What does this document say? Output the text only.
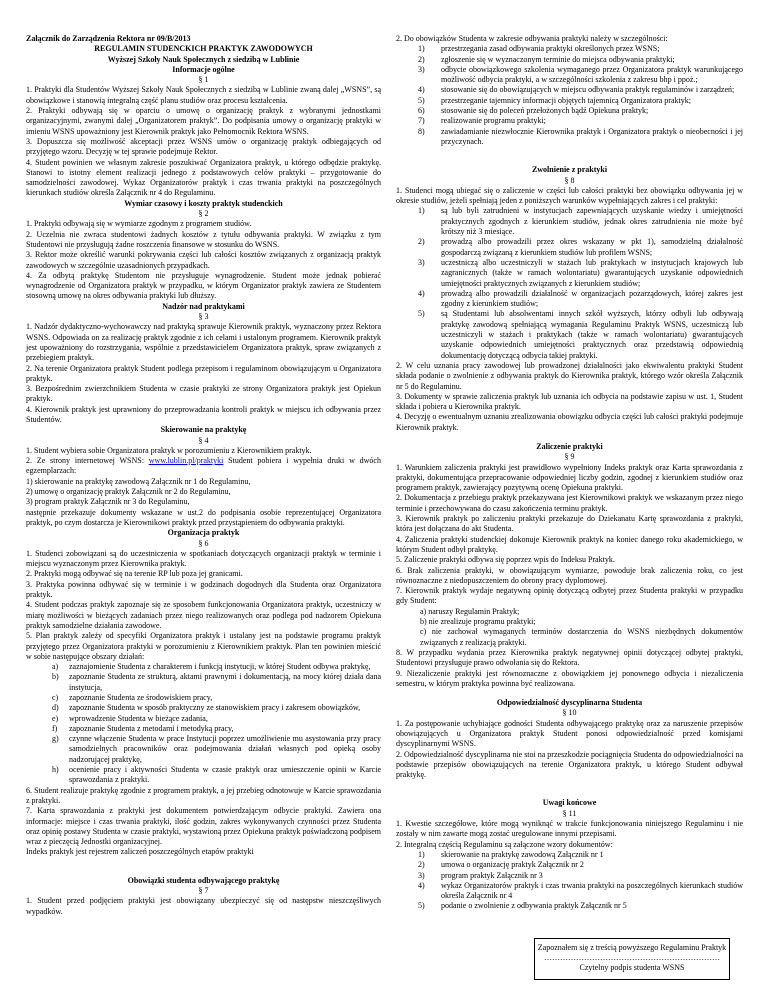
Załącznik do Zarządzenia Rektora nr 09/B/2013

REGULAMIN STUDENCKICH PRAKTYK ZAWODOWYCH

Wyższej Szkoły Nauk Społecznych z siedzibą w Lublinie

Informacje ogólne

§ 1

1. Praktyki dla Studentów Wyższej Szkoły Nauk Społecznych z siedzibą w Lublinie zwaną dalej „WSNS”, są obowiązkowe i stanowią integralną część planu studiów oraz procesu kształcenia.

2. Praktyki odbywają się w oparciu o umowę o organizację praktyk z wybranymi jednostkami organizacyjnymi, zwanymi dalej „Organizatorem praktyk”. Do podpisania umowy o organizację praktyki w imieniu WSNS upoważniony jest Kierownik praktyk jako Pełnomocnik Rektora WSNS.

3. Dopuszcza się możliwość akceptacji przez WSNS umów o organizację praktyk odbiegających od przyjętego wzoru. Decyzję w tej sprawie podejmuje Rektor.

4. Student powinien we własnym zakresie poszukiwać Organizatora praktyk, u którego odbędzie praktykę. Stanowi to istotny element realizacji jednego z podstawowych celów praktyki – przygotowanie do samodzielności zawodowej. Wykaz Organizatorów praktyk i czas trwania praktyki na poszczególnych kierunkach studiów określa Załącznik nr 4 do Regulaminu.

Wymiar czasowy i koszty praktyk studenckich

§ 2

1. Praktyki odbywają się w wymiarze zgodnym z programem studiów.

2. Uczelnia nie zwraca studentowi żadnych kosztów z tytułu odbywania praktyki. W związku z tym Studentowi nie przysługują żadne roszczenia finansowe w stosunku do WSNS.

3. Rektor może określić warunki pokrywania części lub całości kosztów związanych z organizacją praktyk zawodowych w szczególnie uzasadnionych przypadkach.

4. Za odbytą praktykę Studentom nie przysługuje wynagrodzenie. Student może jednak pobierać wynagrodzenie od Organizatora praktyk w przypadku, w którym Organizator praktyk zawiera ze Studentem stosowną umowę na okres odbywania praktyki lub dłuższy.

Nadzór nad praktykami

§ 3

1. Nadzór dydaktyczno-wychowawczy nad praktyką sprawuje Kierownik praktyk, wyznaczony przez Rektora WSNS. Odpowiada on za realizację praktyk zgodnie z ich celami i ustalonym programem. Kierownik praktyk jest upoważniony do rozstrzygania, wspólnie z przedstawicielem Organizatora praktyk, spraw związanych z przebiegiem praktyk.

2. Na terenie Organizatora praktyk Student podlega przepisom i regulaminom obowiązującym u Organizatora praktyk.

3. Bezpośrednim zwierzchnikiem Studenta w czasie praktyki ze strony Organizatora praktyk jest Opiekun praktyk.

4. Kierownik praktyk jest uprawniony do przeprowadzania kontroli praktyk w miejscu ich odbywania przez Studentów.

Skierowanie na praktykę

§ 4

1. Student wybiera sobie Organizatora praktyk w porozumieniu z Kierownikiem praktyk.

2. Ze strony internetowej WSNS: www.lublin.pl/praktyki Student pobiera i wypełnia druki w dwóch egzemplarzach:

1) skierowanie na praktykę zawodową Załącznik nr 1 do Regulaminu,

2) umowę o organizację praktyk Załącznik nr 2 do Regulaminu,

3) program praktyk Załącznik nr 3 do Regulaminu,

następnie przekazuje dokumenty wskazane w ust.2 do podpisania osobie reprezentującej Organizatora praktyk, po czym dostarcza je Kierownikowi praktyk przed przystąpieniem do odbywania praktyki.

Organizacja praktyk

§ 6

1. Studenci zobowiązani są do uczestniczenia w spotkaniach dotyczących organizacji praktyk w terminie i miejscu wyznaczonym przez Kierownika praktyk.

2. Praktyki mogą odbywać się na terenie RP lub poza jej granicami.

3. Praktyka powinna odbywać się w terminie i w godzinach dogodnych dla Studenta oraz Organizatora praktyk.

4. Student podczas praktyk zapoznaje się ze sposobem funkcjonowania Organizatora praktyk, uczestniczy w miarę możliwości w bieżących zadaniach przez niego realizowanych oraz podlega pod nadzorem Opiekuna praktyk samodzielne działania zawodowe.

5. Plan praktyk zależy od specyfiki Organizatora praktyk i ustalany jest na podstawie programu praktyk przyjętego przez Organizatora praktyki w porozumieniu z Kierownikiem praktyk. Plan ten powinien mieścić w sobie następujące obszary działań:

a)	zaznajomienie Studenta z charakterem i funkcją instytucji, w której Student odbywa praktykę,
b)	zapoznanie Studenta ze strukturą, aktami prawnymi i dokumentacją, na mocy której działa dana instytucja,
c)	zapoznanie Studenta ze środowiskiem pracy,
d)	zapoznanie Studenta w sposób praktyczny ze stanowiskiem pracy i zakresem obowiązków,
e)	wprowadzenie Studenta w bieżące zadania,
f)	zapoznanie Studenta z metodami i metodyką pracy,
g)	czynne włączenie Studenta w prace Instytucji poprzez umożliwienie mu asystowania przy pracy samodzielnych pracowników oraz podejmowania działań własnych pod opieką osoby nadzorującej praktykę,
h)	ocenienie pracy i aktywności Studenta w czasie praktyk oraz umieszczenie opinii w Karcie sprawozdania z praktyki.

6. Student realizuje praktykę zgodnie z programem praktyk, a jej przebieg odnotowuje w Karcie sprawozdania z praktyki.

7. Karta sprawozdania z praktyki jest dokumentem potwierdzającym odbycie praktyki. Zawiera ona informacje: miejsce i czas trwania praktyki, ilość godzin, zakres wykonywanych czynności przez Studenta oraz opinię postawy Studenta w czasie praktyki, wystawioną przez Opiekuna praktyk poświadczoną podpisem wraz z pieczęcią Jednostki organizacyjnej.

Indeks praktyk jest rejestrem zaliczeń poszczególnych etapów praktyki

Obowiązki studenta odbywającego praktykę

§ 7

1. Student przed podjęciem praktyki jest obowiązany ubezpieczyć się od następstw nieszczęśliwych wypadków.

2. Do obowiązków Studenta w zakresie odbywania praktyki należy w szczególności:

1)	przestrzegania zasad odbywania praktyki określonych przez WSNS;
2)	zgłoszenie się w wyznaczonym terminie do miejsca odbywania praktyki;
3)	odbycie obowiązkowego szkolenia wymaganego przez Organizatora praktyk warunkującego możliwość odbycia praktyki, a w szczególności szkolenia z zakresu bhp i ppoż.;
4)	stosowanie się do obowiązujących w miejscu odbywania praktyk regulaminów i zarządzeń;
5)	przestrzeganie tajemnicy informacji objętych tajemnicą Organizatora praktyk;
6)	stosowanie się do poleceń przełożonych bądź Opiekuna praktyk;
7)	realizowanie programu praktyki;
8)	zawiadamianie niezwłocznie Kierownika praktyk i Organizatora praktyk o nieobecności i jej przyczynach.

Zwolnienie z praktyki

§ 8

1. Studenci mogą ubiegać się o zaliczenie w części lub całości praktyki bez obowiązku odbywania jej w okresie studiów, jeżeli spełniają jeden z poniższych warunków wypełniających zakres i cel praktyki:

1)	są lub byli zatrudnieni w instytucjach zapewniających uzyskanie wiedzy i umiejętności praktycznych zgodnych z kierunkiem studiów, jednak okres zatrudnienia nie może być krótszy niż 3 miesiące.
2)	prowadzą albo prowadzili przez okres wskazany w pkt 1), samodzielną działalność gospodarczą związaną z kierunkiem studiów lub profilem WSNS;
3)	uczestniczą albo uczestniczyli w stażach lub praktykach w instytucjach krajowych lub zagranicznych (także w ramach wolontariatu) gwarantujących uzyskanie odpowiednich umiejętności praktycznych związanych z kierunkiem studiów;
4)	prowadzą albo prowadzili działalność w organizacjach pozarządowych, której zakres jest zgodny z kierunkiem studiów;
5)	są Studentami lub absolwentami innych szkół wyższych, którzy odbyli lub odbywają praktykę zawodową spełniającą wymagania Regulaminu Praktyk WSNS, uczestniczą lub uczestniczyli w stażach i praktykach (także w ramach wolontariatu) gwarantujących uzyskanie odpowiednich umiejętności praktycznych oraz przedstawią odpowiednią dokumentację dotyczącą odbycia takiej praktyki.

2. W celu uznania pracy zawodowej lub prowadzonej działalności jako ekwiwalentu praktyki Student składa podanie o zwolnienie z odbywania praktyk do Kierownika praktyk, którego wzór określa Załącznik nr 5 do Regulaminu.

3. Dokumenty w sprawie zaliczenia praktyk lub uznania ich odbycia na podstawie zapisu w ust. 1, Student składa i pobiera u Kierownika praktyk.

4. Decyzję o ewentualnym uznaniu zrealizowania obowiązku odbycia części lub całości praktyki podejmuje Kierownik praktyk.

Zaliczenie praktyki

§ 9

1. Warunkiem zaliczenia praktyki jest prawidłowo wypełniony Indeks praktyk oraz Karta sprawozdania z praktyki, dokumentująca przepracowanie odpowiedniej liczby godzin, zgodnej z kierunkiem studiów oraz programem praktyk, zawierający pozytywną ocenę Opiekuna praktyki.

2. Dokumentacja z przebiegu praktyk przekazywana jest Kierownikowi praktyk we wskazanym przez niego terminie i przechowywana do czasu zakończenia terminu praktyk.

3. Kierownik praktyk po zaliczeniu praktyki przekazuje do Dziekanatu Kartę sprawozdania z praktyki, która jest dołączana do akt Studenta.

4. Zaliczenia praktyki studenckiej dokonuje Kierownik praktyk na koniec danego roku akademickiego, w którym Student odbył praktykę.

5. Zaliczenie praktyki odbywa się poprzez wpis do Indeksu Praktyk.

6. Brak zaliczenia praktyki, w obowiązującym wymiarze, powoduje brak zaliczenia roku, co jest równoznaczne z niedopuszczeniem do obrony pracy dyplomowej.

7. Kierownik praktyk wydaje negatywną opinię dotyczącą odbytej przez Studenta praktyki w przypadku gdy Student:

a) naruszy Regulamin Praktyk;

b) nie zrealizuje programu praktyki;

c) nie zachował wymaganych terminów dostarczenia do WSNS niezbędnych dokumentów związanych z realizacją praktyki.

8. W przypadku wydania przez Kierownika praktyk negatywnej opinii dotyczącej odbytej praktyki, Studentowi przysługuje prawo odwołania się do Rektora.

9. Niezaliczenie praktyki jest równoznaczne z obowiązkiem jej ponownego odbycia i niezaliczenia semestru, w którym praktyka powinna być realizowana.

Odpowiedzialność dyscyplinarna Studenta

§ 10

1. Za postępowanie uchybiające godności Studenta odbywającego praktykę oraz za naruszenie przepisów obowiązujących u Organizatora praktyk Student ponosi odpowiedzialność przed komisjami dyscyplinarnymi WSNS.

2. Odpowiedzialność dyscyplinarna nie stoi na przeszkodzie pociągnięcia Studenta do odpowiedzialności na podstawie przepisów obowiązujących na terenie Organizatora praktyk, u którego Student odbywał praktykę.

Uwagi końcowe

§ 11

1. Kwestie szczegółowe, które mogą wyniknąć w trakcie funkcjonowania niniejszego Regulaminu i nie zostały w nim zawarte mogą zostać uregulowane innymi przepisami.

2. Integralną częścią Regulaminu są załączone wzory dokumentów:

1)	skierowanie na praktykę zawodową Załącznik nr 1
2)	umowa o organizację praktyk Załącznik nr 2
3)	program praktyk Załącznik nr 3
4)	wykaz Organizatorów praktyk i czas trwania praktyki na poszczególnych kierunkach studiów określa Załącznik nr 4
5)	podanie o zwolnienie z odbywania praktyk Załącznik nr 5
Zapoznałem się z treścią powyższego Regulaminu Praktyk
…………………………………………………………
Czytelny podpis studenta WSNS
